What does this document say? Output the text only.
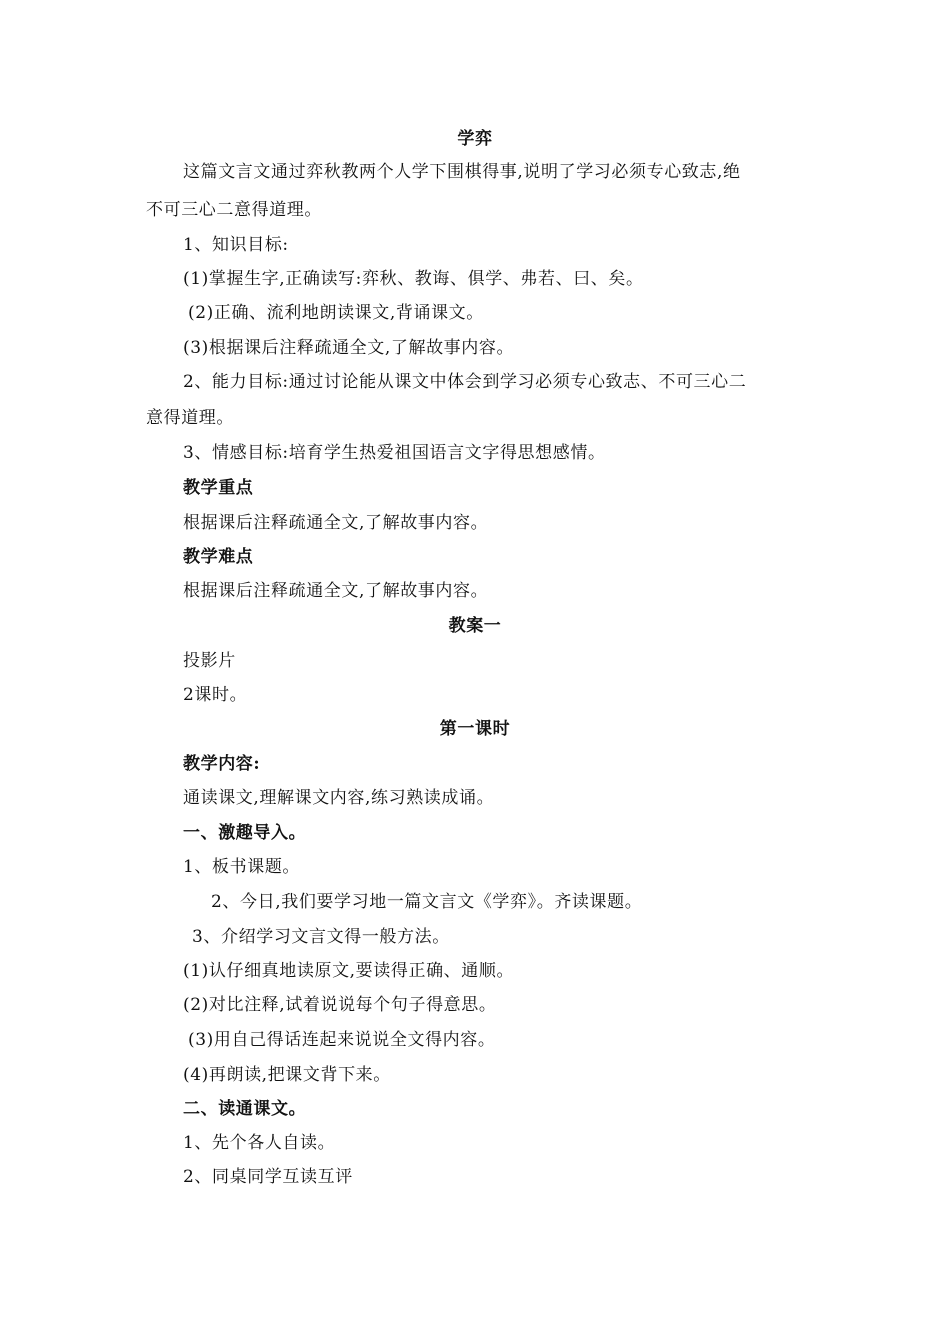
学弈
这篇文言文通过弈秋教两个人学下围棋得事,说明了学习必须专心致志,绝
不可三心二意得道理。
1、知识目标:
(1)掌握生字,正确读写:弈秋、教诲、俱学、弗若、曰、矣。
(2)正确、流利地朗读课文,背诵课文。
(3)根据课后注释疏通全文,了解故事内容。
2、能力目标:通过讨论能从课文中体会到学习必须专心致志、不可三心二
意得道理。
3、情感目标:培育学生热爱祖国语言文字得思想感情。
教学重点
根据课后注释疏通全文,了解故事内容。
教学难点
根据课后注释疏通全文,了解故事内容。
教案一
投影片
2课时。
第一课时
教学内容:
通读课文,理解课文内容,练习熟读成诵。
一、激趣导入。
1、板书课题。
2、今日,我们要学习地一篇文言文《学弈》。齐读课题。
3、介绍学习文言文得一般方法。
(1)认仔细真地读原文,要读得正确、通顺。
(2)对比注释,试着说说每个句子得意思。
(3)用自己得话连起来说说全文得内容。
(4)再朗读,把课文背下来。
二、读通课文。
1、先个各人自读。
2、同桌同学互读互评
